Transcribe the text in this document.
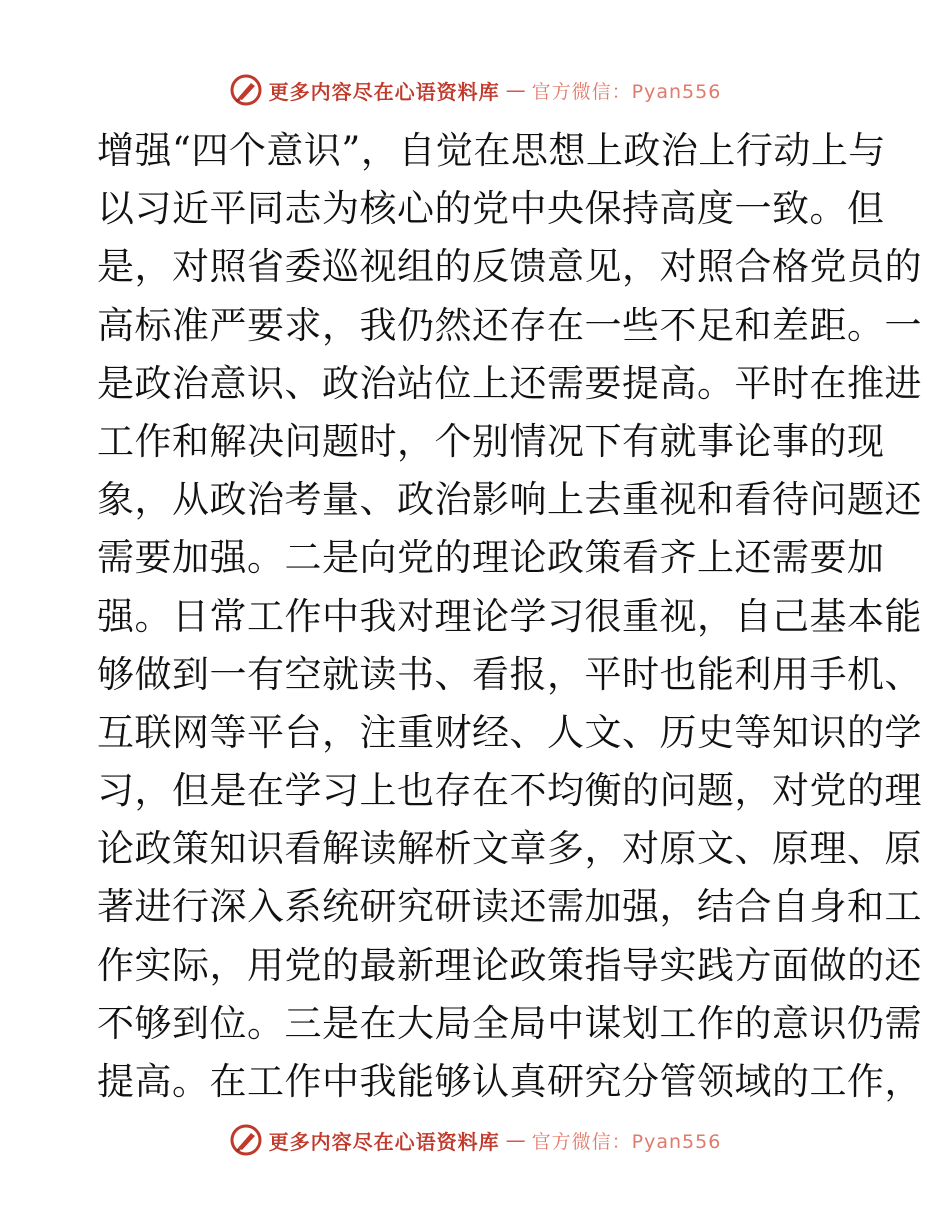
更多内容尽在心语资料库 — 官方微信：Pyan556
增强“四个意识”，自觉在思想上政治上行动上与
以习近平同志为核心的党中央保持高度一致。但
是，对照省委巡视组的反馈意见，对照合格党员的
高标准严要求，我仍然还存在一些不足和差距。一
是政治意识、政治站位上还需要提高。平时在推进
工作和解决问题时，个别情况下有就事论事的现
象，从政治考量、政治影响上去重视和看待问题还
需要加强。二是向党的理论政策看齐上还需要加
强。日常工作中我对理论学习很重视，自己基本能
够做到一有空就读书、看报，平时也能利用手机、
互联网等平台，注重财经、人文、历史等知识的学
习，但是在学习上也存在不均衡的问题，对党的理
论政策知识看解读解析文章多，对原文、原理、原
著进行深入系统研究研读还需加强，结合自身和工
作实际，用党的最新理论政策指导实践方面做的还
不够到位。三是在大局全局中谋划工作的意识仍需
提高。在工作中我能够认真研究分管领域的工作，
更多内容尽在心语资料库 — 官方微信：Pyan556
